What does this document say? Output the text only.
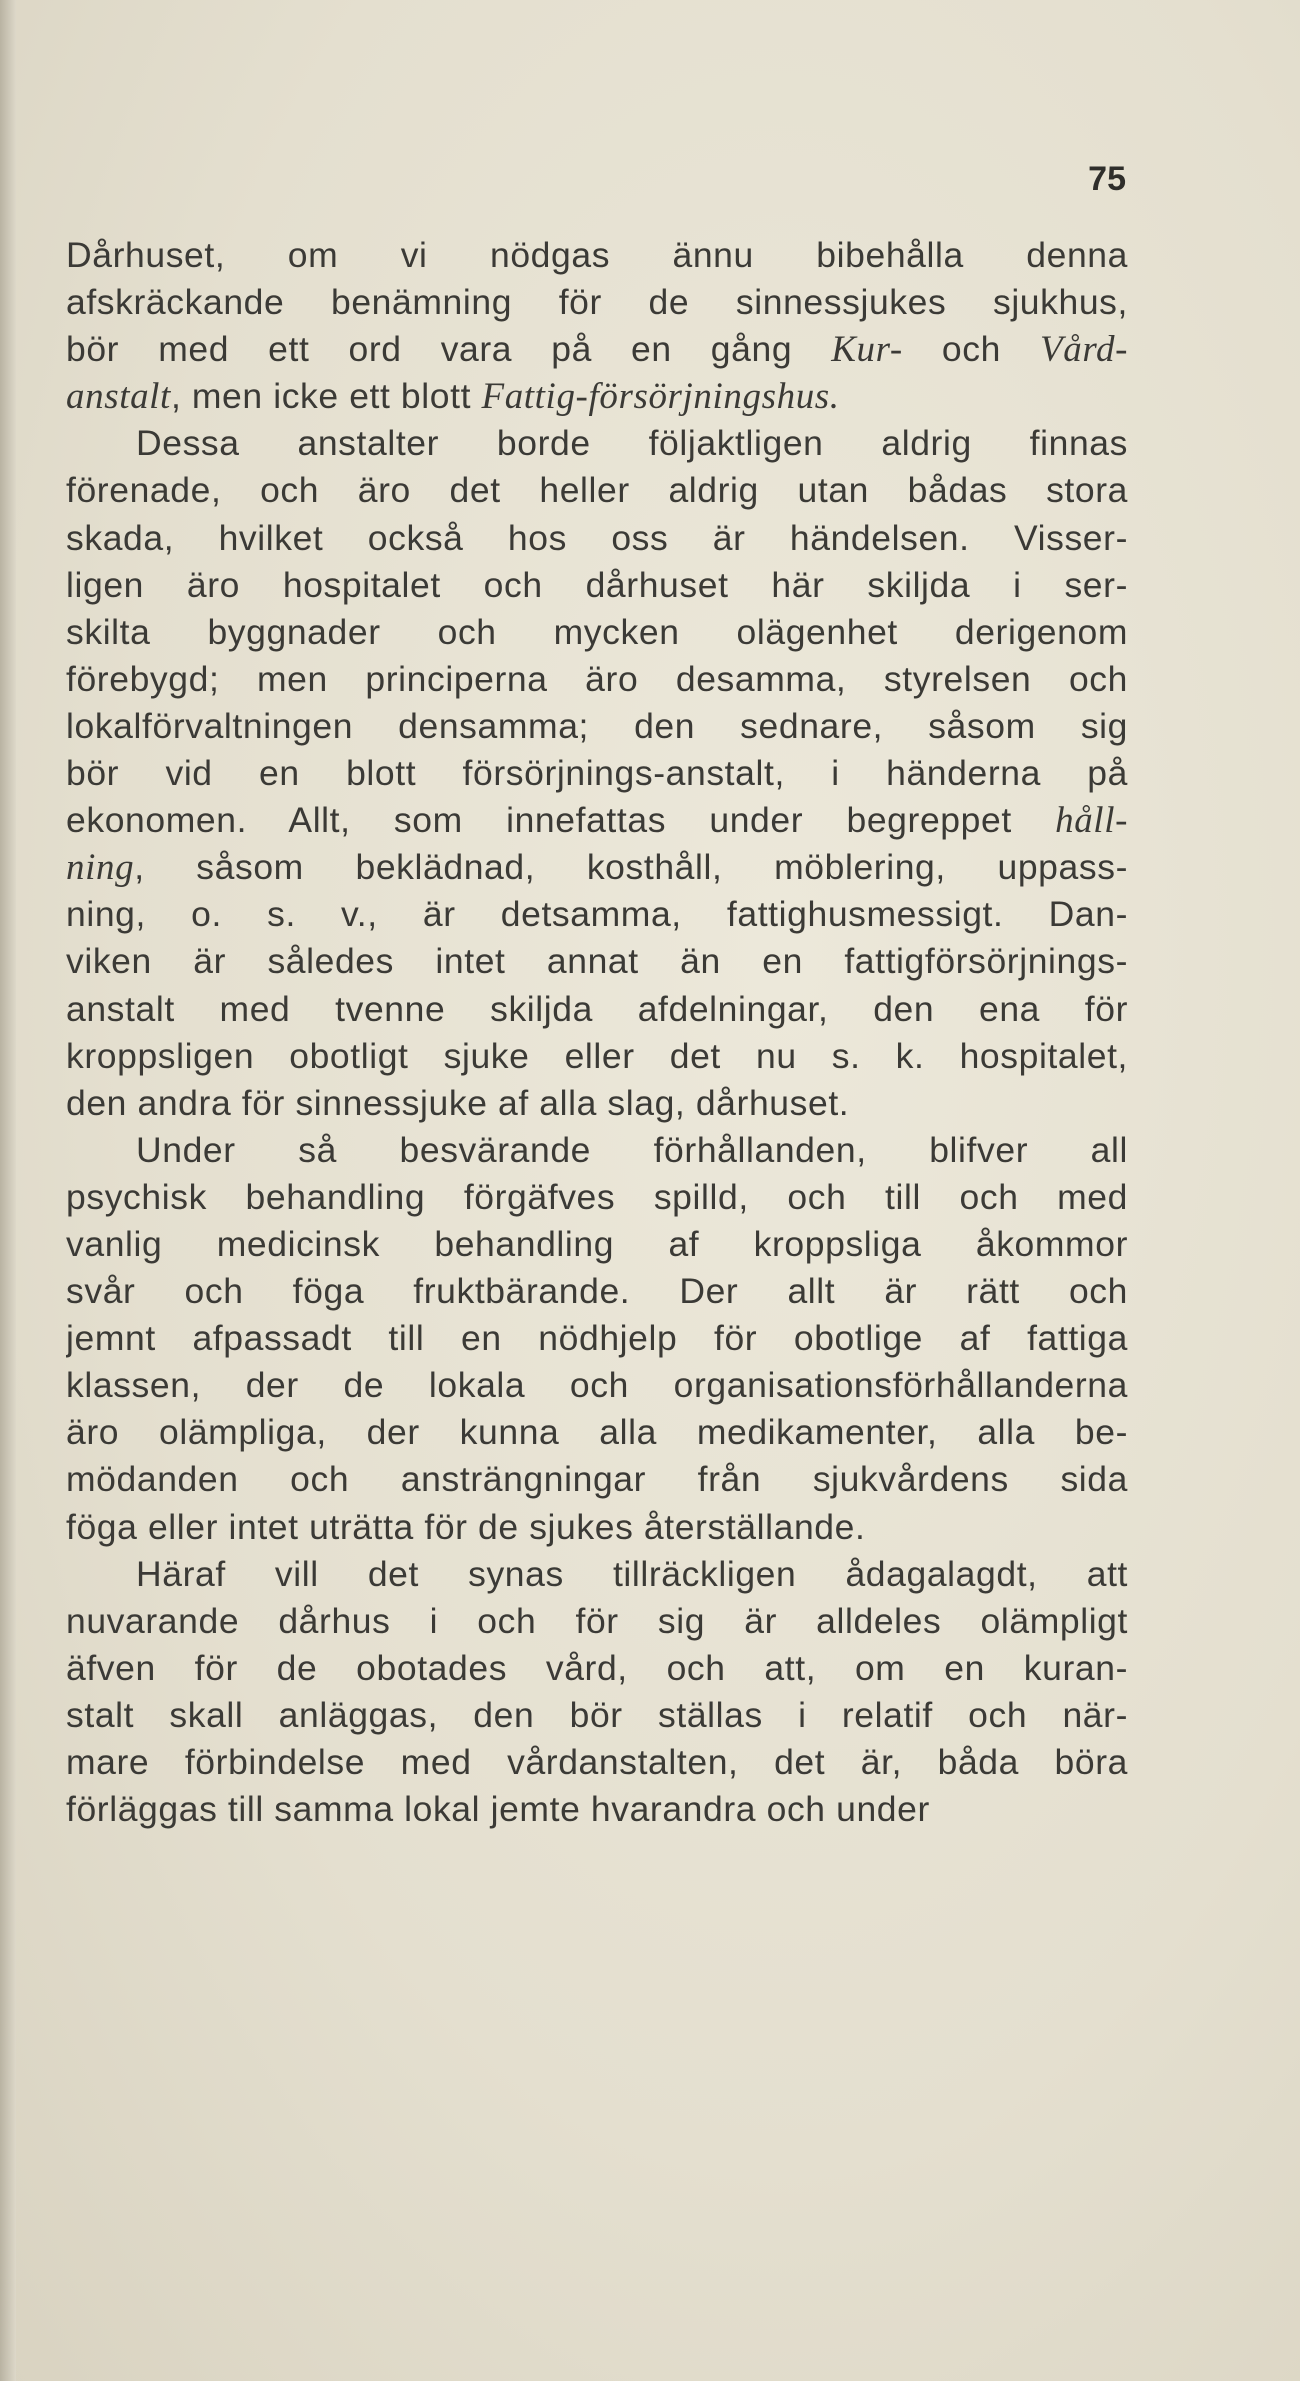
75
Dårhuset, om vi nödgas ännu bibehålla denna
afskräckande benämning för de sinnessjukes sjukhus,
bör med ett ord vara på en gång Kur- och Vård-
anstalt, men icke ett blott Fattig-försörjningshus.
Dessa anstalter borde följaktligen aldrig finnas
förenade, och äro det heller aldrig utan bådas stora
skada, hvilket också hos oss är händelsen. Visser-
ligen äro hospitalet och dårhuset här skiljda i ser-
skilta byggnader och mycken olägenhet derigenom
förebygd; men principerna äro desamma, styrelsen och
lokalförvaltningen densamma; den sednare, såsom sig
bör vid en blott försörjnings-anstalt, i händerna på
ekonomen. Allt, som innefattas under begreppet håll-
ning, såsom beklädnad, kosthåll, möblering, uppass-
ning, o. s. v., är detsamma, fattighusmessigt. Dan-
viken är således intet annat än en fattigförsörjnings-
anstalt med tvenne skiljda afdelningar, den ena för
kroppsligen obotligt sjuke eller det nu s. k. hospitalet,
den andra för sinnessjuke af alla slag, dårhuset.
Under så besvärande förhållanden, blifver all
psychisk behandling förgäfves spilld, och till och med
vanlig medicinsk behandling af kroppsliga åkommor
svår och föga fruktbärande. Der allt är rätt och
jemnt afpassadt till en nödhjelp för obotlige af fattiga
klassen, der de lokala och organisationsförhållanderna
äro olämpliga, der kunna alla medikamenter, alla be-
mödanden och ansträngningar från sjukvårdens sida
föga eller intet uträtta för de sjukes återställande.
Häraf vill det synas tillräckligen ådagalagdt, att
nuvarande dårhus i och för sig är alldeles olämpligt
äfven för de obotades vård, och att, om en kuran-
stalt skall anläggas, den bör ställas i relatif och när-
mare förbindelse med vårdanstalten, det är, båda böra
förläggas till samma lokal jemte hvarandra och under
